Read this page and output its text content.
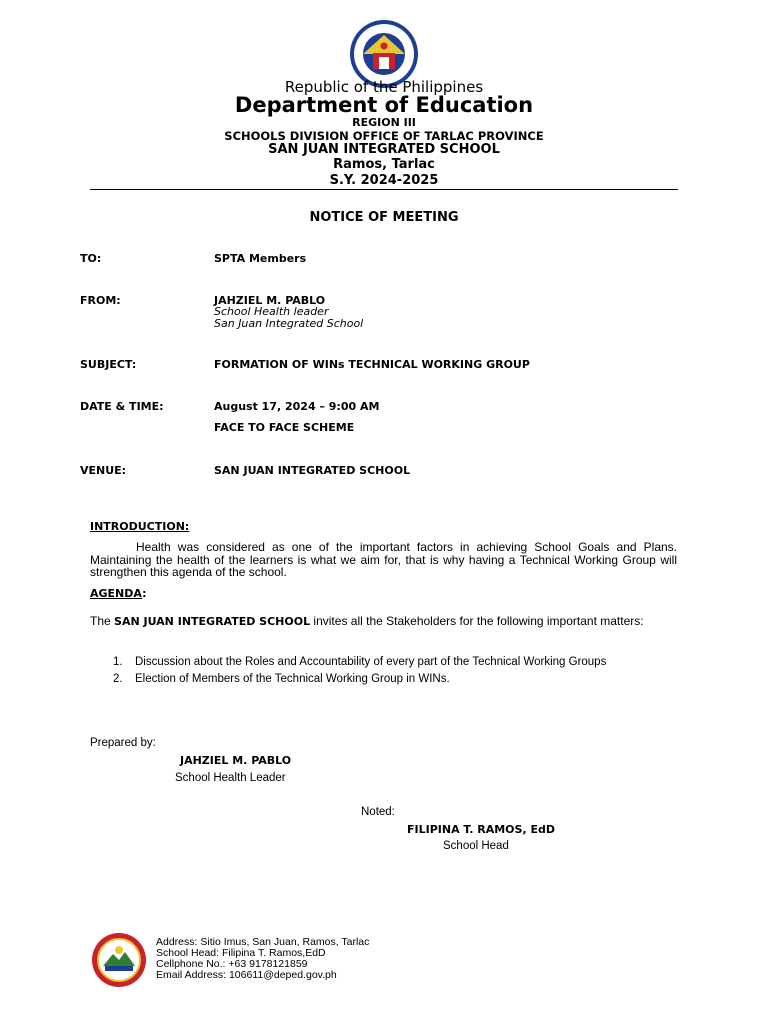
Republic of the Philippines
Department of Education
REGION III
SCHOOLS DIVISION OFFICE OF TARLAC PROVINCE
SAN JUAN INTEGRATED SCHOOL
Ramos, Tarlac
S.Y. 2024-2025
NOTICE OF MEETING
TO:	SPTA Members
FROM:	JAHZIEL M. PABLO
School Health leader
San Juan Integrated School
SUBJECT:	FORMATION OF WINs TECHNICAL WORKING GROUP
DATE & TIME:	August 17, 2024 – 9:00 AM
FACE TO FACE SCHEME
VENUE:	SAN JUAN INTEGRATED SCHOOL
INTRODUCTION:
Health was considered as one of the important factors in achieving School Goals and Plans. Maintaining the health of the learners is what we aim for, that is why having a Technical Working Group will strengthen this agenda of the school.
AGENDA:
The SAN JUAN INTEGRATED SCHOOL invites all the Stakeholders for the following important matters:
1. Discussion about the Roles and Accountability of every part of the Technical Working Groups
2. Election of Members of the Technical Working Group in WINs.
Prepared by:
JAHZIEL M. PABLO
School Health Leader
Noted:
FILIPINA T. RAMOS, EdD
School Head
Address: Sitio Imus, San Juan, Ramos, Tarlac
School Head: Filipina T. Ramos,EdD
Cellphone No.: +63 9178121859
Email Address: 106611@deped.gov.ph
